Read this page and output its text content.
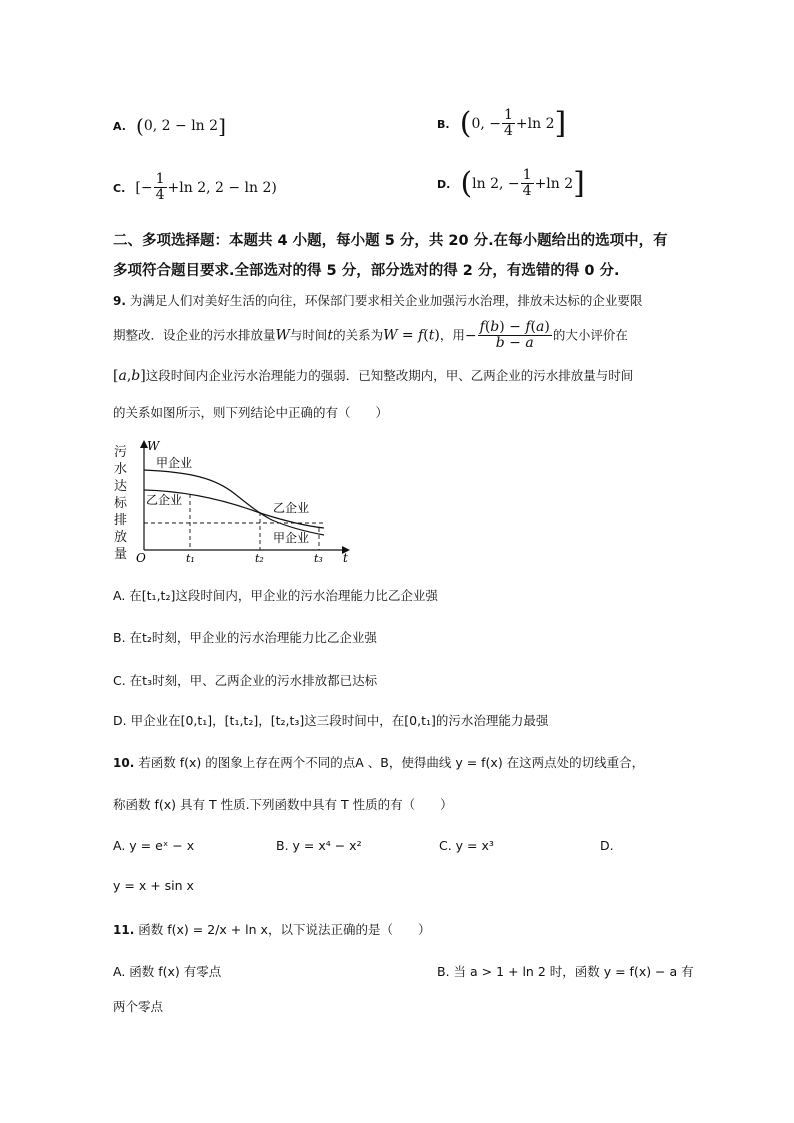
A. (0, 2 − ln 2]	B. (0, − $\frac{1}{4} +\ln$ 2]
C. [− $\frac{1}{4} +\ln$ 2, 2 − ln 2)	D. (ln 2, − $\frac{1}{4} +\ln$ 2]
二、多项选择题：本题共 4 小题，每小题 5 分，共 20 分.在每小题给出的选项中，有
多项符合题目要求.全部选对的得 5 分，部分选对的得 2 分，有选错的得 0 分.
9. 为满足人们对美好生活的向往，环保部门要求相关企业加强污水治理，排放未达标的企业要限
期整改．设企业的污水排放量W与时间t的关系为W = f(t)，用− $\frac{f(b) - f(a)}{b - a}$ 的大小评价在
[a,b]这段时间内企业污水治理能力的强弱．已知整改期内，甲、乙两企业的污水排放量与时间
的关系如图所示，则下列结论中正确的有（　　）
污
水
达
标
排
放
量
W
t
O
甲企业
乙企业
乙企业
甲企业
t₁	t₂	t₃
A. 在[t₁,t₂]这段时间内，甲企业的污水治理能力比乙企业强
B. 在t₂时刻，甲企业的污水治理能力比乙企业强
C. 在t₃时刻，甲、乙两企业的污水排放都已达标
D. 甲企业在[0,t₁]，[t₁,t₂]，[t₂,t₃]这三段时间中，在[0,t₁]的污水治理能力最强
10. 若函数 f(x) 的图象上存在两个不同的点A 、B，使得曲线 y = f(x) 在这两点处的切线重合，
称函数 f(x) 具有 T 性质.下列函数中具有 T 性质的有（　　）
A. y = eˣ − x	B. y = x⁴ − x²	C. y = x³	D.
y = x + sin x
11. 函数 f(x) = 2/x + ln x，以下说法正确的是（　　）
A. 函数 f(x) 有零点	B. 当 a > 1 + ln 2 时，函数 y = f(x) − a 有
两个零点
